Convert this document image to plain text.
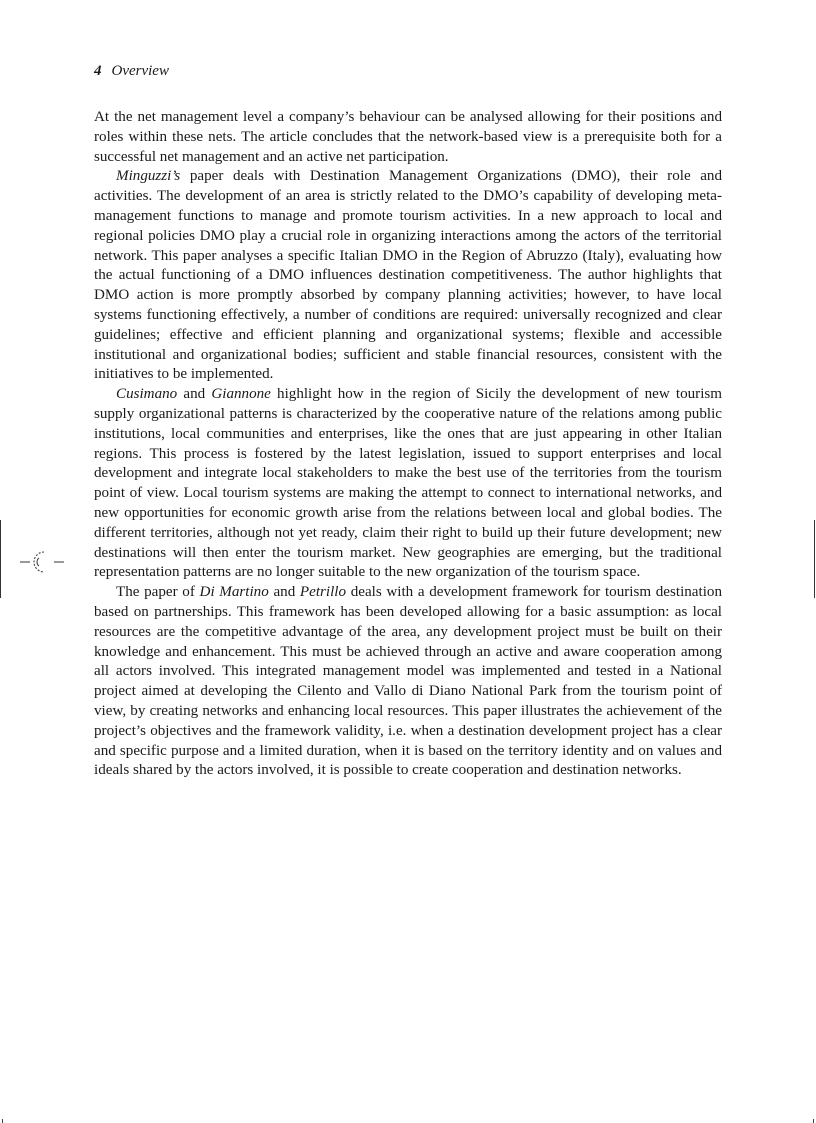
4 Overview

At the net management level a company’s behaviour can be analysed allowing for their positions and roles within these nets. The article concludes that the network-based view is a prerequisite both for a successful net management and an active net participation.

Minguzzi’s paper deals with Destination Management Organizations (DMO), their role and activities. The development of an area is strictly related to the DMO’s capability of developing meta-management functions to manage and promote tourism activities. In a new approach to local and regional policies DMO play a crucial role in organizing interactions among the actors of the territorial network. This paper analyses a specific Italian DMO in the Region of Abruzzo (Italy), evaluating how the actual functioning of a DMO influences destination competitiveness. The author highlights that DMO action is more promptly absorbed by company planning activities; however, to have local systems functioning effectively, a number of conditions are required: universally recognized and clear guidelines; effective and efficient planning and organizational systems; flexible and accessible institutional and organizational bodies; sufficient and stable financial resources, consistent with the initiatives to be implemented.

Cusimano and Giannone highlight how in the region of Sicily the development of new tourism supply organizational patterns is characterized by the cooperative nature of the relations among public institutions, local communities and enterprises, like the ones that are just appearing in other Italian regions. This process is fostered by the latest legislation, issued to support enterprises and local development and integrate local stakeholders to make the best use of the territories from the tourism point of view. Local tourism systems are making the attempt to connect to international networks, and new opportunities for economic growth arise from the relations between local and global bodies. The different territories, although not yet ready, claim their right to build up their future development; new destinations will then enter the tourism market. New geographies are emerging, but the traditional representation patterns are no longer suitable to the new organization of the tourism space.

The paper of Di Martino and Petrillo deals with a development framework for tourism destination based on partnerships. This framework has been developed allowing for a basic assumption: as local resources are the competitive advantage of the area, any development project must be built on their knowledge and enhancement. This must be achieved through an active and aware cooperation among all actors involved. This integrated management model was implemented and tested in a National project aimed at developing the Cilento and Vallo di Diano National Park from the tourism point of view, by creating networks and enhancing local resources. This paper illustrates the achievement of the project’s objectives and the framework validity, i.e. when a destination development project has a clear and specific purpose and a limited duration, when it is based on the territory identity and on values and ideals shared by the actors involved, it is possible to create cooperation and destination networks.
